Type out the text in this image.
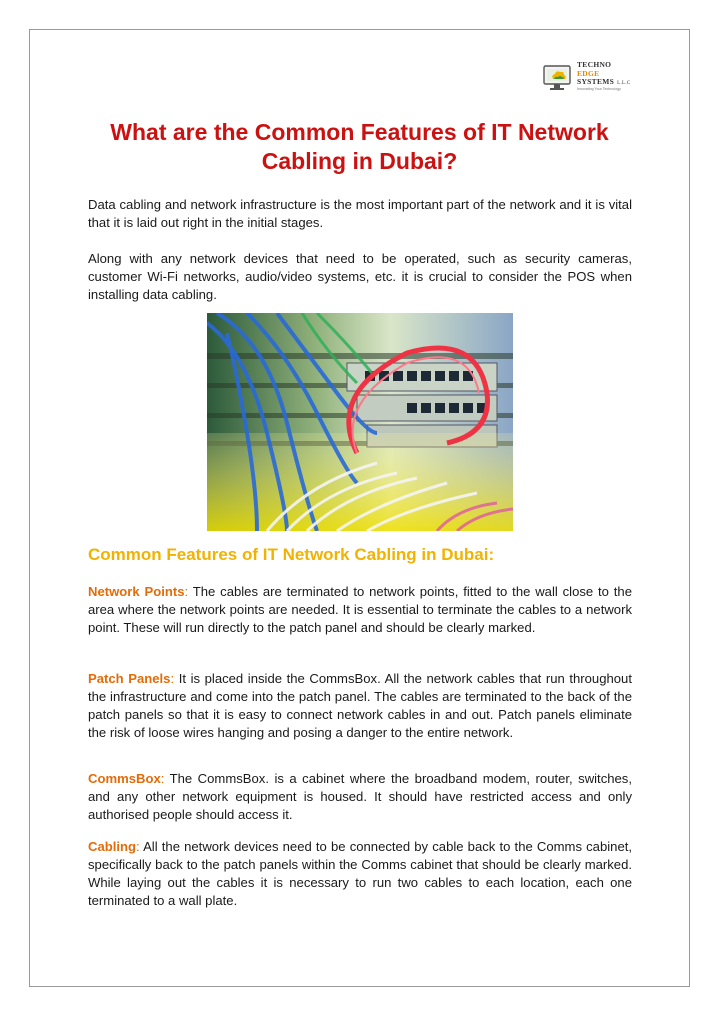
TECHNO
EDGE
SYSTEMS L.L.C
Innovating Your Technology
What are the Common Features of IT Network Cabling in Dubai?

Data cabling and network infrastructure is the most important part of the network and it is vital that it is laid out right in the initial stages.

Along with any network devices that need to be operated, such as security cameras, customer Wi-Fi networks, audio/video systems, etc. it is crucial to consider the POS when installing data cabling.

Common Features of IT Network Cabling in Dubai:

Network Points: The cables are terminated to network points, fitted to the wall close to the area where the network points are needed. It is essential to terminate the cables to a network point. These will run directly to the patch panel and should be clearly marked.

Patch Panels: It is placed inside the CommsBox. All the network cables that run throughout the infrastructure and come into the patch panel. The cables are terminated to the back of the patch panels so that it is easy to connect network cables in and out. Patch panels eliminate the risk of loose wires hanging and posing a danger to the entire network.

CommsBox: The CommsBox. is a cabinet where the broadband modem, router, switches, and any other network equipment is housed. It should have restricted access and only authorised people should access it.

Cabling: All the network devices need to be connected by cable back to the Comms cabinet, specifically back to the patch panels within the Comms cabinet that should be clearly marked. While laying out the cables it is necessary to run two cables to each location, each one terminated to a wall plate.
